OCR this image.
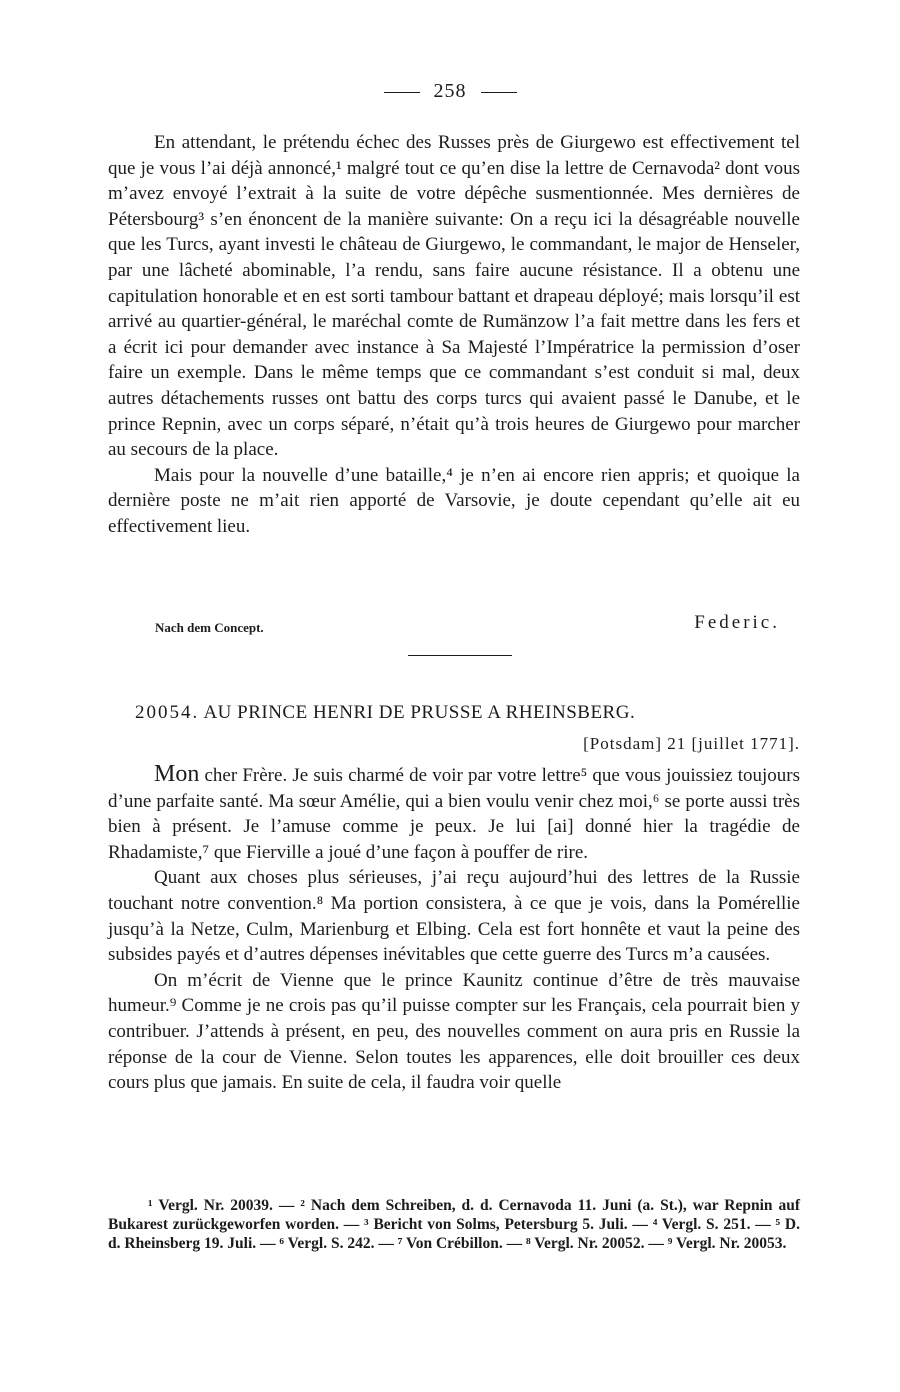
258

En attendant, le prétendu échec des Russes près de Giurgewo est effectivement tel que je vous l’ai déjà annoncé,¹ malgré tout ce qu’en dise la lettre de Cernavoda² dont vous m’avez envoyé l’extrait à la suite de votre dépêche susmentionnée. Mes dernières de Pétersbourg³ s’en énoncent de la manière suivante: On a reçu ici la désagréable nouvelle que les Turcs, ayant investi le château de Giurgewo, le commandant, le major de Henseler, par une lâcheté abominable, l’a rendu, sans faire aucune résistance. Il a obtenu une capitulation honorable et en est sorti tambour battant et drapeau déployé; mais lorsqu’il est arrivé au quartier-général, le maréchal comte de Rumänzow l’a fait mettre dans les fers et a écrit ici pour demander avec instance à Sa Majesté l’Impératrice la permission d’oser faire un exemple. Dans le même temps que ce commandant s’est conduit si mal, deux autres détachements russes ont battu des corps turcs qui avaient passé le Danube, et le prince Repnin, avec un corps séparé, n’était qu’à trois heures de Giurgewo pour marcher au secours de la place.

Mais pour la nouvelle d’une bataille,⁴ je n’en ai encore rien appris; et quoique la dernière poste ne m’ait rien apporté de Varsovie, je doute cependant qu’elle ait eu effectivement lieu.

Nach dem Concept.	Federic.
20054. AU PRINCE HENRI DE PRUSSE A RHEINSBERG.
[Potsdam] 21 [juillet 1771].

Mon cher Frère. Je suis charmé de voir par votre lettre⁵ que vous jouissiez toujours d’une parfaite santé. Ma sœur Amélie, qui a bien voulu venir chez moi,⁶ se porte aussi très bien à présent. Je l’amuse comme je peux. Je lui [ai] donné hier la tragédie de Rhadamiste,⁷ que Fierville a joué d’une façon à pouffer de rire.

Quant aux choses plus sérieuses, j’ai reçu aujourd’hui des lettres de la Russie touchant notre convention.⁸ Ma portion consistera, à ce que je vois, dans la Pomérellie jusqu’à la Netze, Culm, Marienburg et Elbing. Cela est fort honnête et vaut la peine des subsides payés et d’autres dépenses inévitables que cette guerre des Turcs m’a causées.

On m’écrit de Vienne que le prince Kaunitz continue d’être de très mauvaise humeur.⁹ Comme je ne crois pas qu’il puisse compter sur les Français, cela pourrait bien y contribuer. J’attends à présent, en peu, des nouvelles comment on aura pris en Russie la réponse de la cour de Vienne. Selon toutes les apparences, elle doit brouiller ces deux cours plus que jamais. En suite de cela, il faudra voir quelle

¹ Vergl. Nr. 20039. — ² Nach dem Schreiben, d. d. Cernavoda 11. Juni (a. St.), war Repnin auf Bukarest zurückgeworfen worden. — ³ Bericht von Solms, Petersburg 5. Juli. — ⁴ Vergl. S. 251. — ⁵ D. d. Rheinsberg 19. Juli. — ⁶ Vergl. S. 242. — ⁷ Von Crébillon. — ⁸ Vergl. Nr. 20052. — ⁹ Vergl. Nr. 20053.
